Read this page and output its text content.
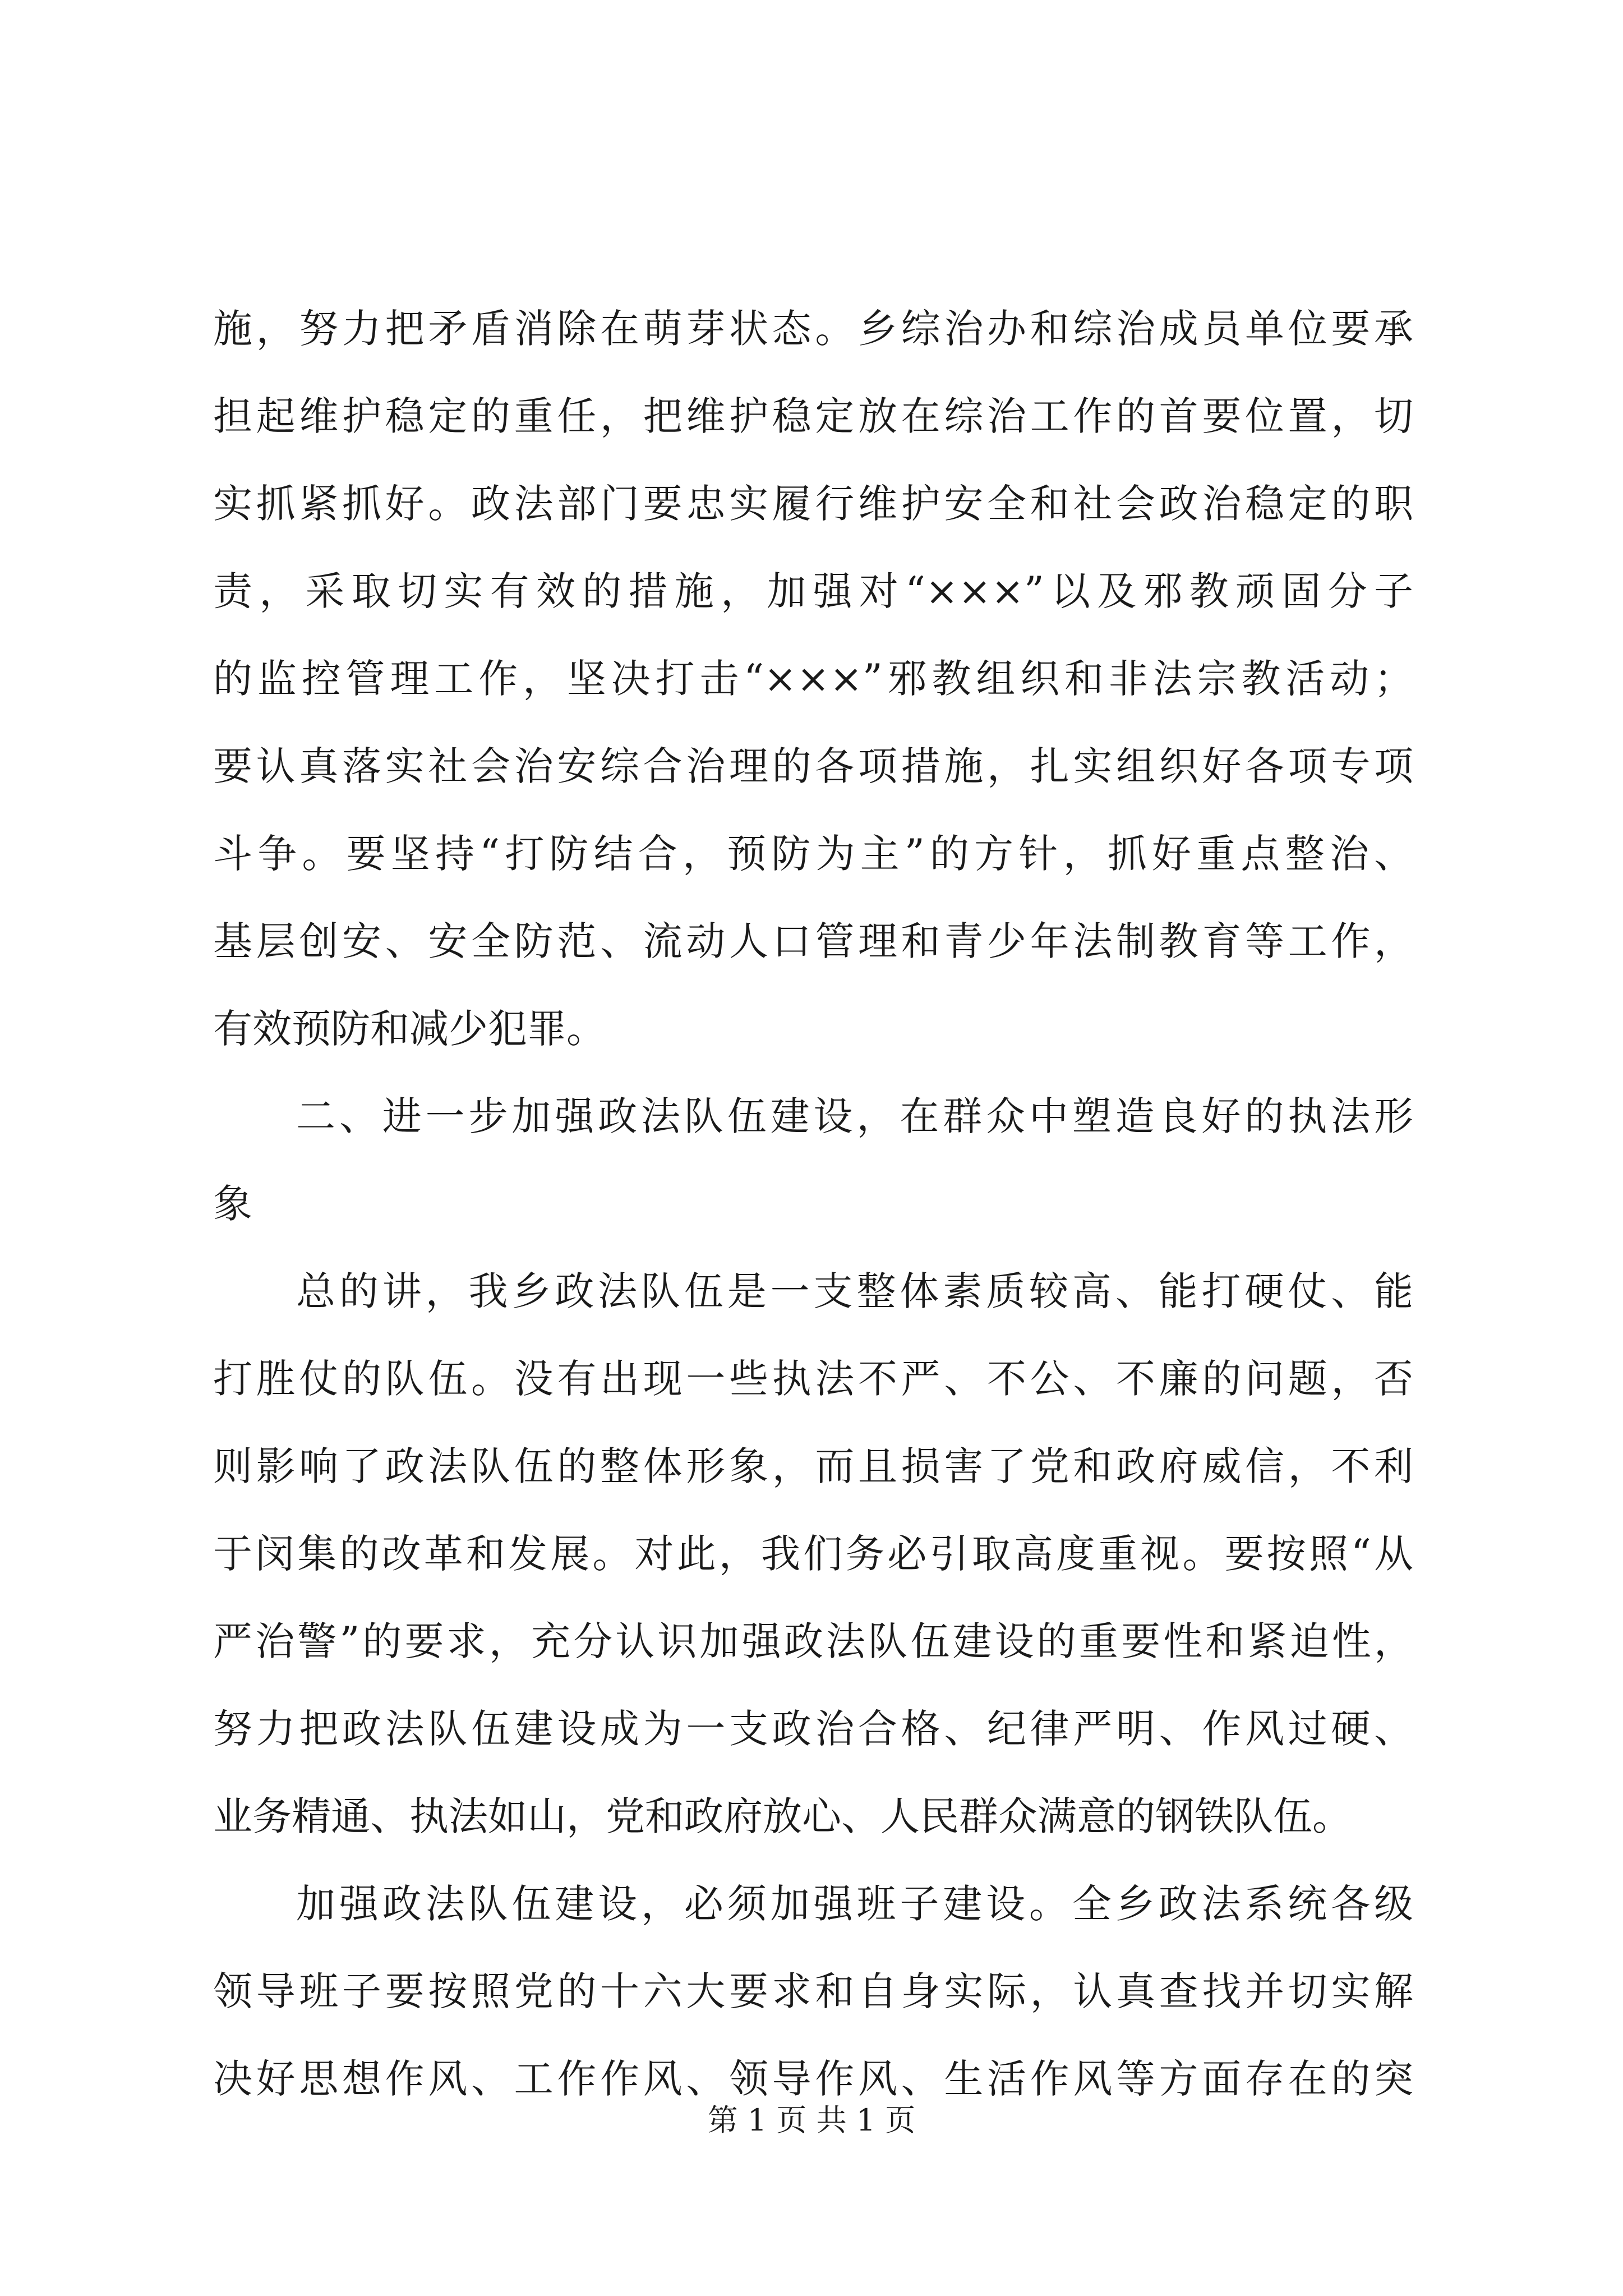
施，努力把矛盾消除在萌芽状态。乡综治办和综治成员单位要承
担起维护稳定的重任，把维护稳定放在综治工作的首要位置，切
实抓紧抓好。政法部门要忠实履行维护安全和社会政治稳定的职
责，采取切实有效的措施，加强对“×××”以及邪教顽固分子
的监控管理工作，坚决打击“×××”邪教组织和非法宗教活动；
要认真落实社会治安综合治理的各项措施，扎实组织好各项专项
斗争。要坚持“打防结合，预防为主”的方针，抓好重点整治、
基层创安、安全防范、流动人口管理和青少年法制教育等工作，
有效预防和减少犯罪。
二、进一步加强政法队伍建设，在群众中塑造良好的执法形
象
总的讲，我乡政法队伍是一支整体素质较高、能打硬仗、能
打胜仗的队伍。没有出现一些执法不严、不公、不廉的问题，否
则影响了政法队伍的整体形象，而且损害了党和政府威信，不利
于闵集的改革和发展。对此，我们务必引取高度重视。要按照“从
严治警”的要求，充分认识加强政法队伍建设的重要性和紧迫性，
努力把政法队伍建设成为一支政治合格、纪律严明、作风过硬、
业务精通、执法如山，党和政府放心、人民群众满意的钢铁队伍。
加强政法队伍建设，必须加强班子建设。全乡政法系统各级
领导班子要按照党的十六大要求和自身实际，认真查找并切实解
决好思想作风、工作作风、领导作风、生活作风等方面存在的突
第 1 页 共 1 页
